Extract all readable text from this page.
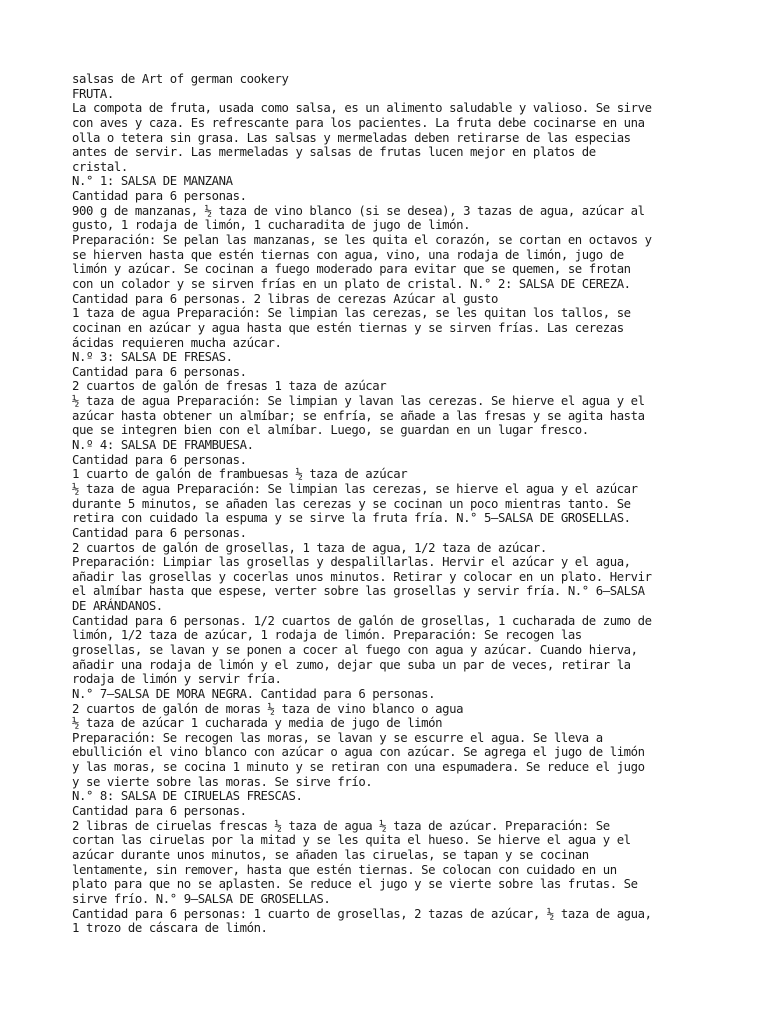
salsas de Art of german cookery
FRUTA.
La compota de fruta, usada como salsa, es un alimento saludable y valioso. Se sirve
con aves y caza. Es refrescante para los pacientes. La fruta debe cocinarse en una
olla o tetera sin grasa. Las salsas y mermeladas deben retirarse de las especias
antes de servir. Las mermeladas y salsas de frutas lucen mejor en platos de
cristal.
N.° 1: SALSA DE MANZANA
Cantidad para 6 personas.
900 g de manzanas, ½ taza de vino blanco (si se desea), 3 tazas de agua, azúcar al
gusto, 1 rodaja de limón, 1 cucharadita de jugo de limón.
Preparación: Se pelan las manzanas, se les quita el corazón, se cortan en octavos y
se hierven hasta que estén tiernas con agua, vino, una rodaja de limón, jugo de
limón y azúcar. Se cocinan a fuego moderado para evitar que se quemen, se frotan
con un colador y se sirven frías en un plato de cristal. N.° 2: SALSA DE CEREZA.
Cantidad para 6 personas. 2 libras de cerezas Azúcar al gusto
1 taza de agua Preparación: Se limpian las cerezas, se les quitan los tallos, se
cocinan en azúcar y agua hasta que estén tiernas y se sirven frías. Las cerezas
ácidas requieren mucha azúcar.
N.º 3: SALSA DE FRESAS.
Cantidad para 6 personas.
2 cuartos de galón de fresas 1 taza de azúcar
½ taza de agua Preparación: Se limpian y lavan las cerezas. Se hierve el agua y el
azúcar hasta obtener un almíbar; se enfría, se añade a las fresas y se agita hasta
que se integren bien con el almíbar. Luego, se guardan en un lugar fresco.
N.º 4: SALSA DE FRAMBUESA.
Cantidad para 6 personas.
1 cuarto de galón de frambuesas ½ taza de azúcar
½ taza de agua Preparación: Se limpian las cerezas, se hierve el agua y el azúcar
durante 5 minutos, se añaden las cerezas y se cocinan un poco mientras tanto. Se
retira con cuidado la espuma y se sirve la fruta fría. N.° 5—SALSA DE GROSELLAS.
Cantidad para 6 personas.
2 cuartos de galón de grosellas, 1 taza de agua, 1/2 taza de azúcar.
Preparación: Limpiar las grosellas y despalillarlas. Hervir el azúcar y el agua,
añadir las grosellas y cocerlas unos minutos. Retirar y colocar en un plato. Hervir
el almíbar hasta que espese, verter sobre las grosellas y servir fría. N.° 6—SALSA
DE ARÁNDANOS.
Cantidad para 6 personas. 1/2 cuartos de galón de grosellas, 1 cucharada de zumo de
limón, 1/2 taza de azúcar, 1 rodaja de limón. Preparación: Se recogen las
grosellas, se lavan y se ponen a cocer al fuego con agua y azúcar. Cuando hierva,
añadir una rodaja de limón y el zumo, dejar que suba un par de veces, retirar la
rodaja de limón y servir fría.
N.° 7—SALSA DE MORA NEGRA. Cantidad para 6 personas.
2 cuartos de galón de moras ½ taza de vino blanco o agua
½ taza de azúcar 1 cucharada y media de jugo de limón
Preparación: Se recogen las moras, se lavan y se escurre el agua. Se lleva a
ebullición el vino blanco con azúcar o agua con azúcar. Se agrega el jugo de limón
y las moras, se cocina 1 minuto y se retiran con una espumadera. Se reduce el jugo
y se vierte sobre las moras. Se sirve frío.
N.° 8: SALSA DE CIRUELAS FRESCAS.
Cantidad para 6 personas.
2 libras de ciruelas frescas ½ taza de agua ½ taza de azúcar. Preparación: Se
cortan las ciruelas por la mitad y se les quita el hueso. Se hierve el agua y el
azúcar durante unos minutos, se añaden las ciruelas, se tapan y se cocinan
lentamente, sin remover, hasta que estén tiernas. Se colocan con cuidado en un
plato para que no se aplasten. Se reduce el jugo y se vierte sobre las frutas. Se
sirve frío. N.° 9—SALSA DE GROSELLAS.
Cantidad para 6 personas: 1 cuarto de grosellas, 2 tazas de azúcar, ½ taza de agua,
1 trozo de cáscara de limón.
